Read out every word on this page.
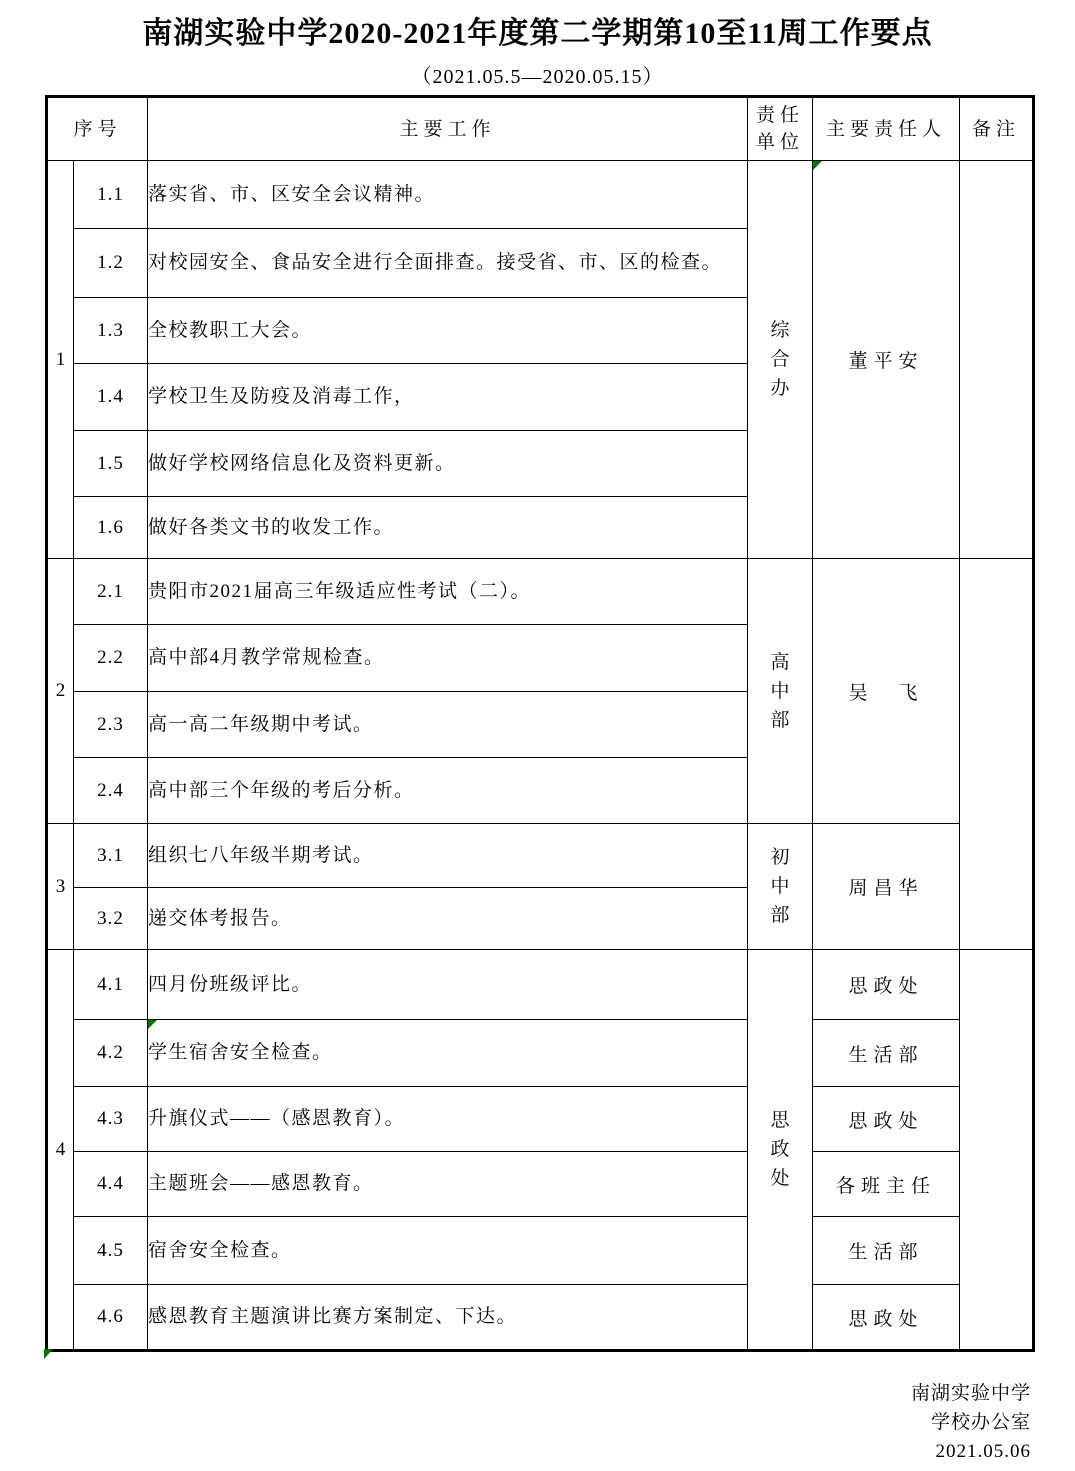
南湖实验中学2020-2021年度第二学期第10至11周工作要点
（2021.05.5—2020.05.15）
序号		主要工作	责任单位	主要责任人	备注
1	1.1	落实省、市、区安全会议精神。	综合办	董平安	
	1.2	对校园安全、食品安全进行全面排查。接受省、市、区的检查。			
	1.3	全校教职工大会。			
	1.4	学校卫生及防疫及消毒工作，			
	1.5	做好学校网络信息化及资料更新。			
	1.6	做好各类文书的收发工作。			
2	2.1	贵阳市2021届高三年级适应性考试（二）。	高中部	吴　飞	
	2.2	高中部4月教学常规检查。			
	2.3	高一高二年级期中考试。			
	2.4	高中部三个年级的考后分析。			
3	3.1	组织七八年级半期考试。	初中部	周昌华	
	3.2	递交体考报告。			
4	4.1	四月份班级评比。	思政处	思政处	
	4.2	学生宿舍安全检查。		生活部	
	4.3	升旗仪式——（感恩教育）。		思政处	
	4.4	主题班会——感恩教育。		各班主任	
	4.5	宿舍安全检查。		生活部	
	4.6	感恩教育主题演讲比赛方案制定、下达。		思政处	
南湖实验中学
学校办公室
2021.05.06
